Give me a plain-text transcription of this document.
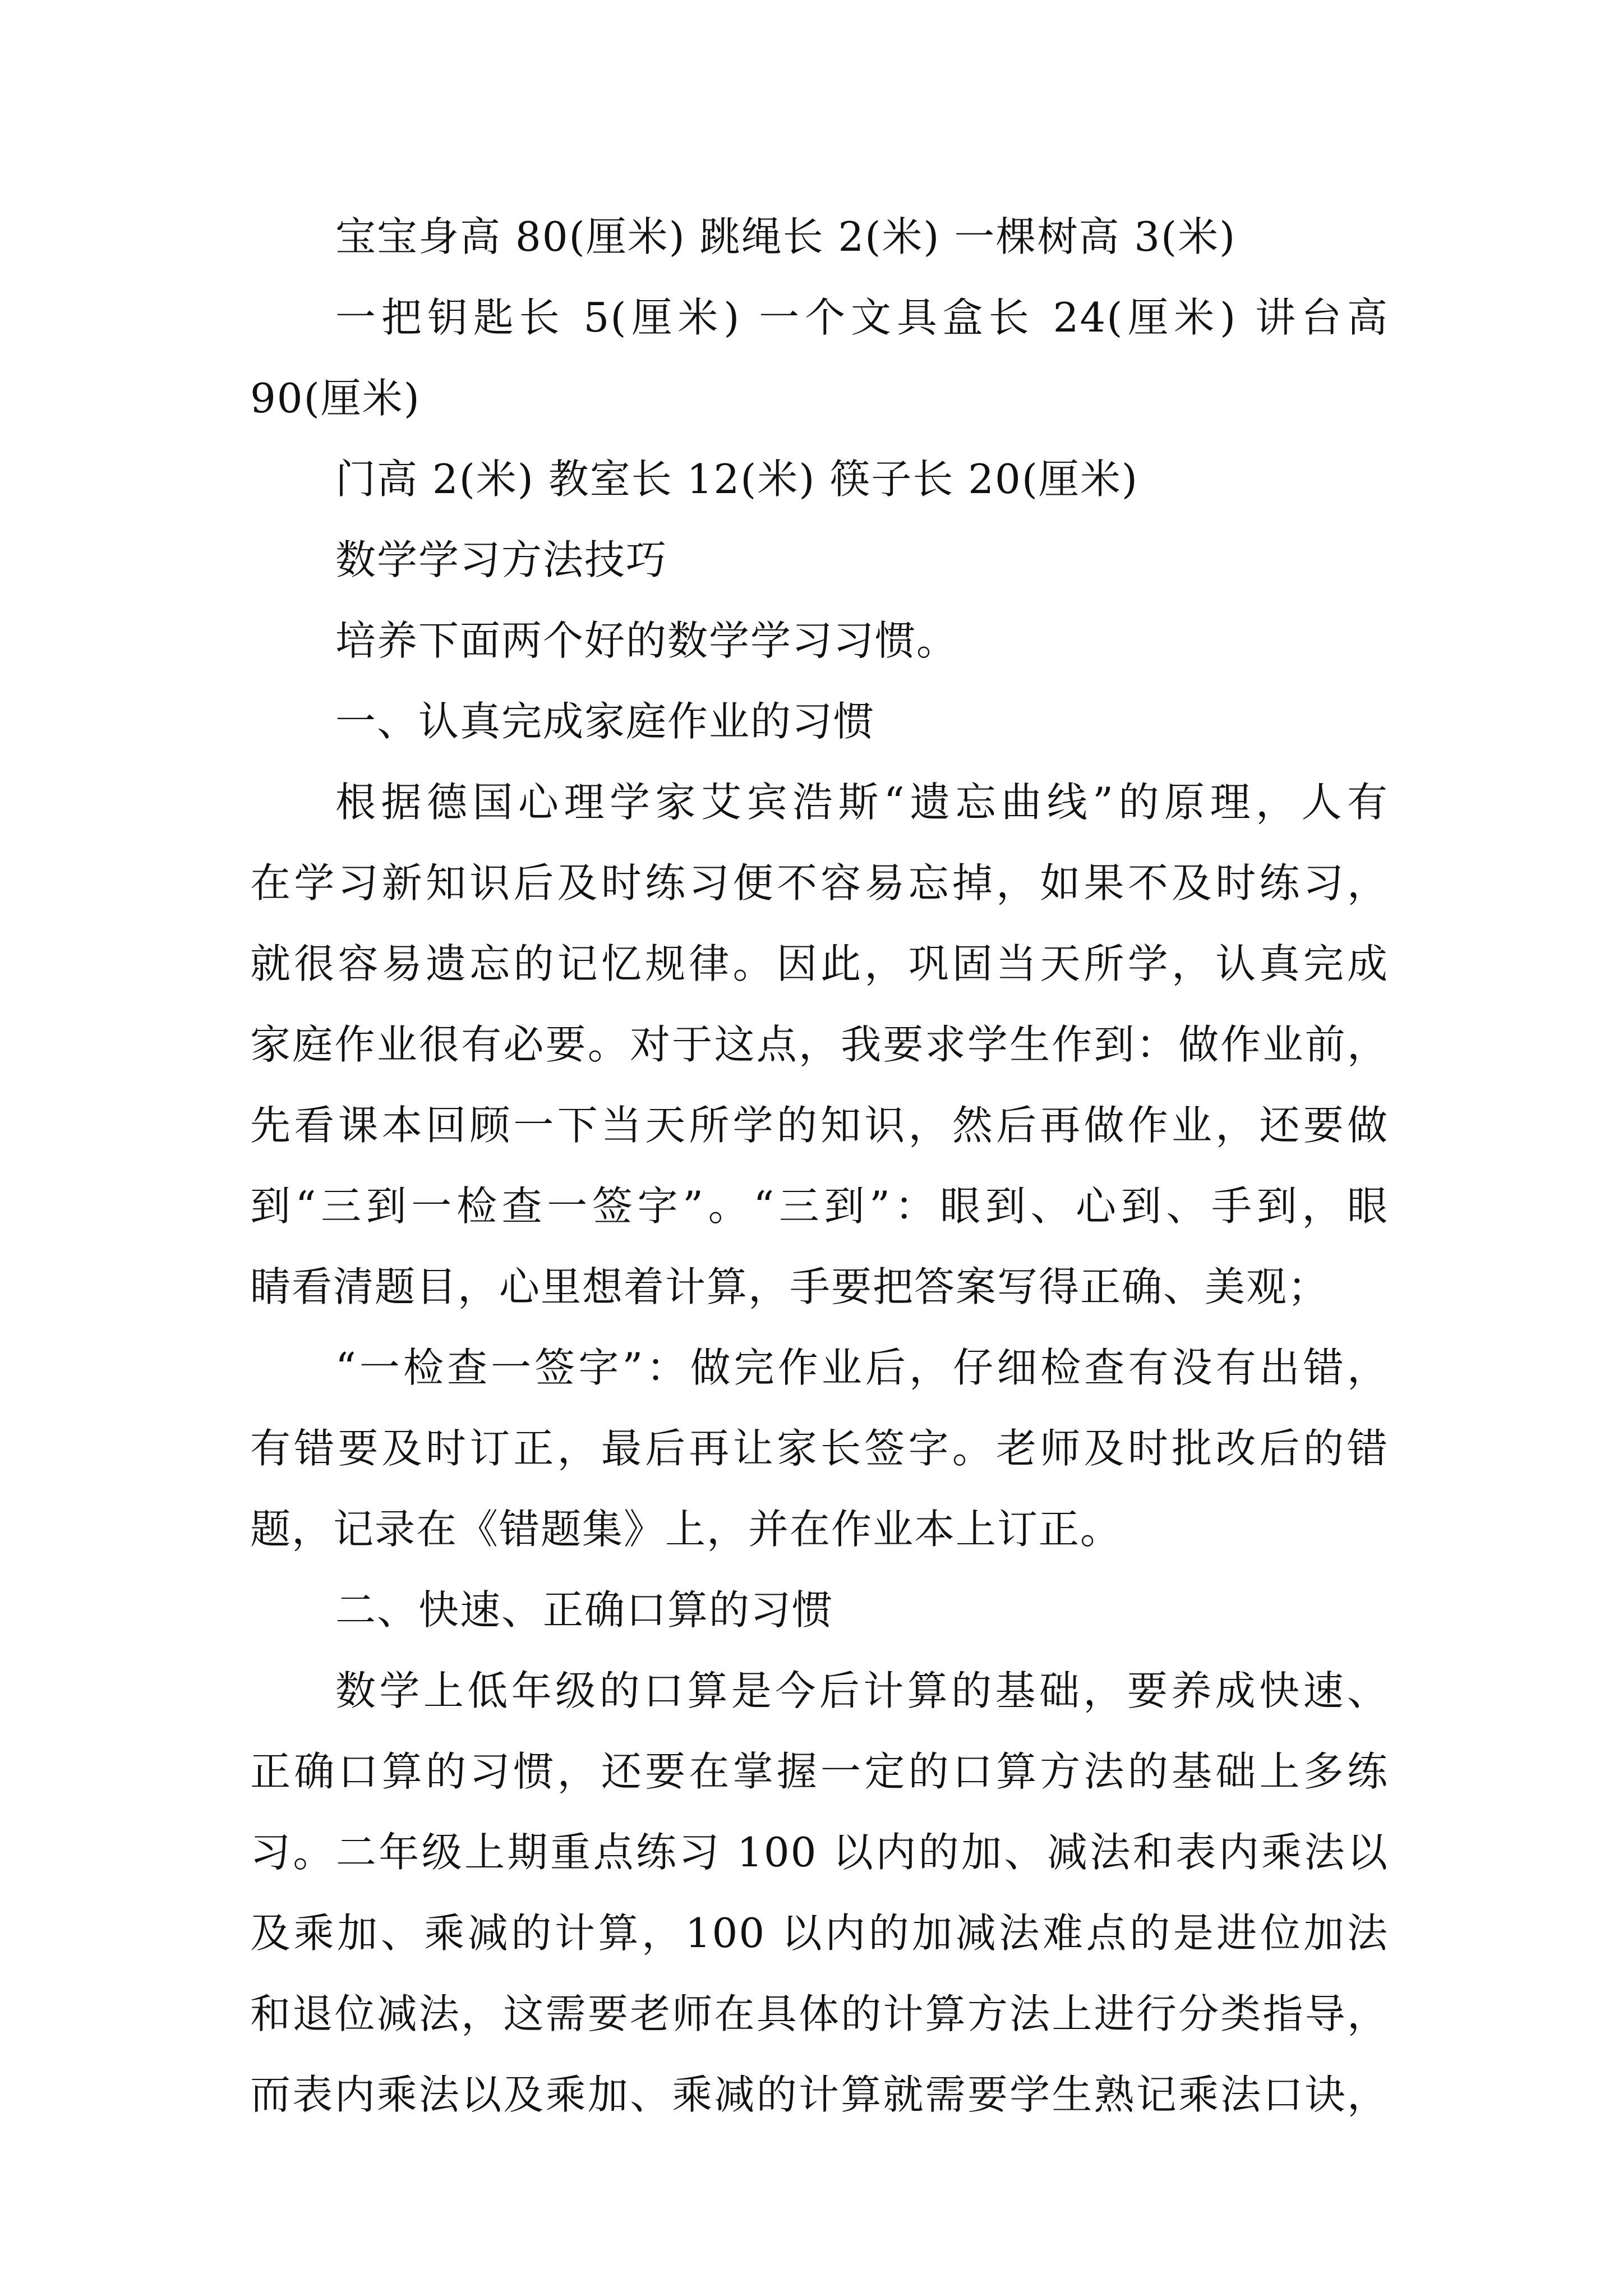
宝宝身高 80(厘米) 跳绳长 2(米) 一棵树高 3(米)
一把钥匙长 5(厘米) 一个文具盒长 24(厘米) 讲台高
90(厘米)
门高 2(米) 教室长 12(米) 筷子长 20(厘米)
数学学习方法技巧
培养下面两个好的数学学习习惯。
一、认真完成家庭作业的习惯
根据德国心理学家艾宾浩斯“遗忘曲线”的原理，人有
在学习新知识后及时练习便不容易忘掉，如果不及时练习，
就很容易遗忘的记忆规律。因此，巩固当天所学，认真完成
家庭作业很有必要。对于这点，我要求学生作到：做作业前，
先看课本回顾一下当天所学的知识，然后再做作业，还要做
到“三到一检查一签字”。“三到”：眼到、心到、手到，眼
睛看清题目，心里想着计算，手要把答案写得正确、美观；
“一检查一签字”：做完作业后，仔细检查有没有出错，
有错要及时订正，最后再让家长签字。老师及时批改后的错
题，记录在《错题集》上，并在作业本上订正。
二、快速、正确口算的习惯
数学上低年级的口算是今后计算的基础，要养成快速、
正确口算的习惯，还要在掌握一定的口算方法的基础上多练
习。二年级上期重点练习 100 以内的加、减法和表内乘法以
及乘加、乘减的计算，100 以内的加减法难点的是进位加法
和退位减法，这需要老师在具体的计算方法上进行分类指导，
而表内乘法以及乘加、乘减的计算就需要学生熟记乘法口诀，
